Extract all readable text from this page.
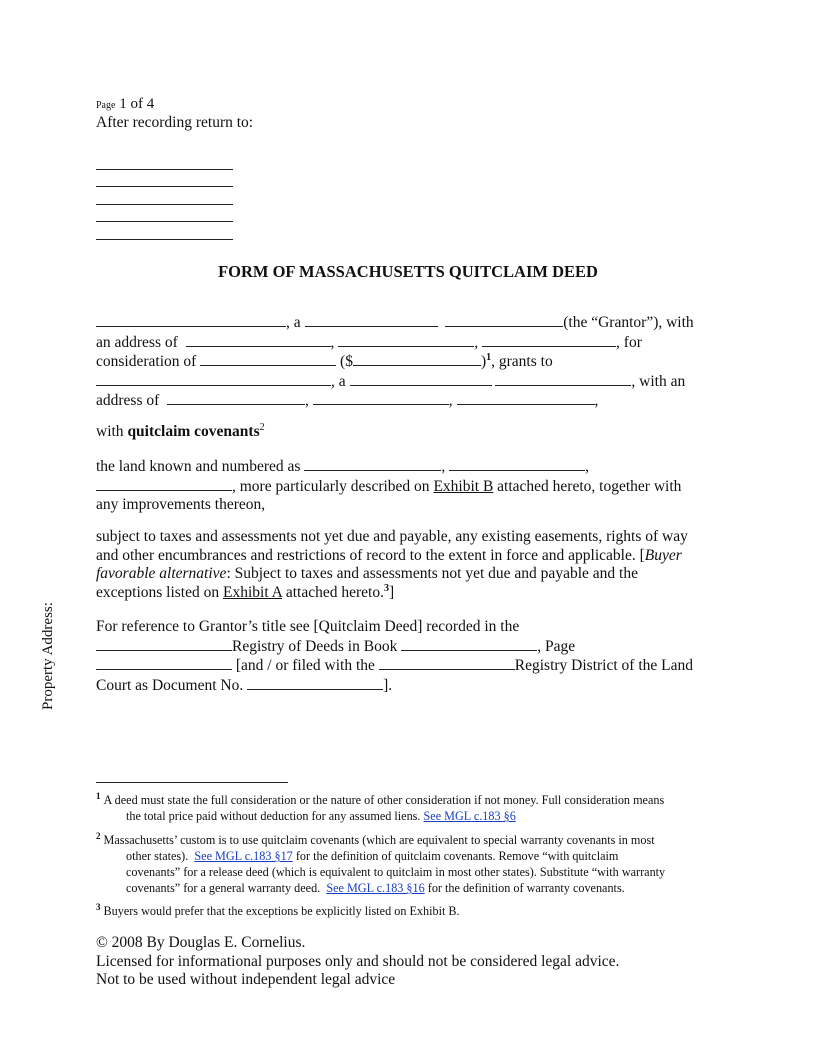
Page 1 of 4
After recording return to:
FORM OF MASSACHUSETTS QUITCLAIM DEED

, a	(the “Grantor”), with

an address of	,	,	, for

consideration of	($	)$^1$, grants to

, a	, with an

address of	,	,	,

with quitclaim covenants$^2$

the land known and numbered as	,	,

, more particularly described on Exhibit B attached hereto, together with

any improvements thereon,

subject to taxes and assessments not yet due and payable, any existing easements, rights of way

and other encumbrances and restrictions of record to the extent in force and applicable. [Buyer

favorable alternative: Subject to taxes and assessments not yet due and payable and the

exceptions listed on Exhibit A attached hereto.$^3$]

For reference to Grantor’s title see [Quitclaim Deed] recorded in the

Registry of Deeds in Book	, Page

[and / or filed with the	Registry District of the Land

Court as Document No.	].

Property Address:
$^1$ A deed must state the full consideration or the nature of other consideration if not money. Full consideration means
the total price paid without deduction for any assumed liens. See MGL c.183 §6
$^2$ Massachusetts’ custom is to use quitclaim covenants (which are equivalent to special warranty covenants in most
other states). See MGL c.183 §17 for the definition of quitclaim covenants. Remove “with quitclaim
covenants” for a release deed (which is equivalent to quitclaim in most other states). Substitute “with warranty
covenants” for a general warranty deed. See MGL c.183 §16 for the definition of warranty covenants.
$^3$ Buyers would prefer that the exceptions be explicitly listed on Exhibit B.
© 2008 By Douglas E. Cornelius.
Licensed for informational purposes only and should not be considered legal advice.
Not to be used without independent legal advice
